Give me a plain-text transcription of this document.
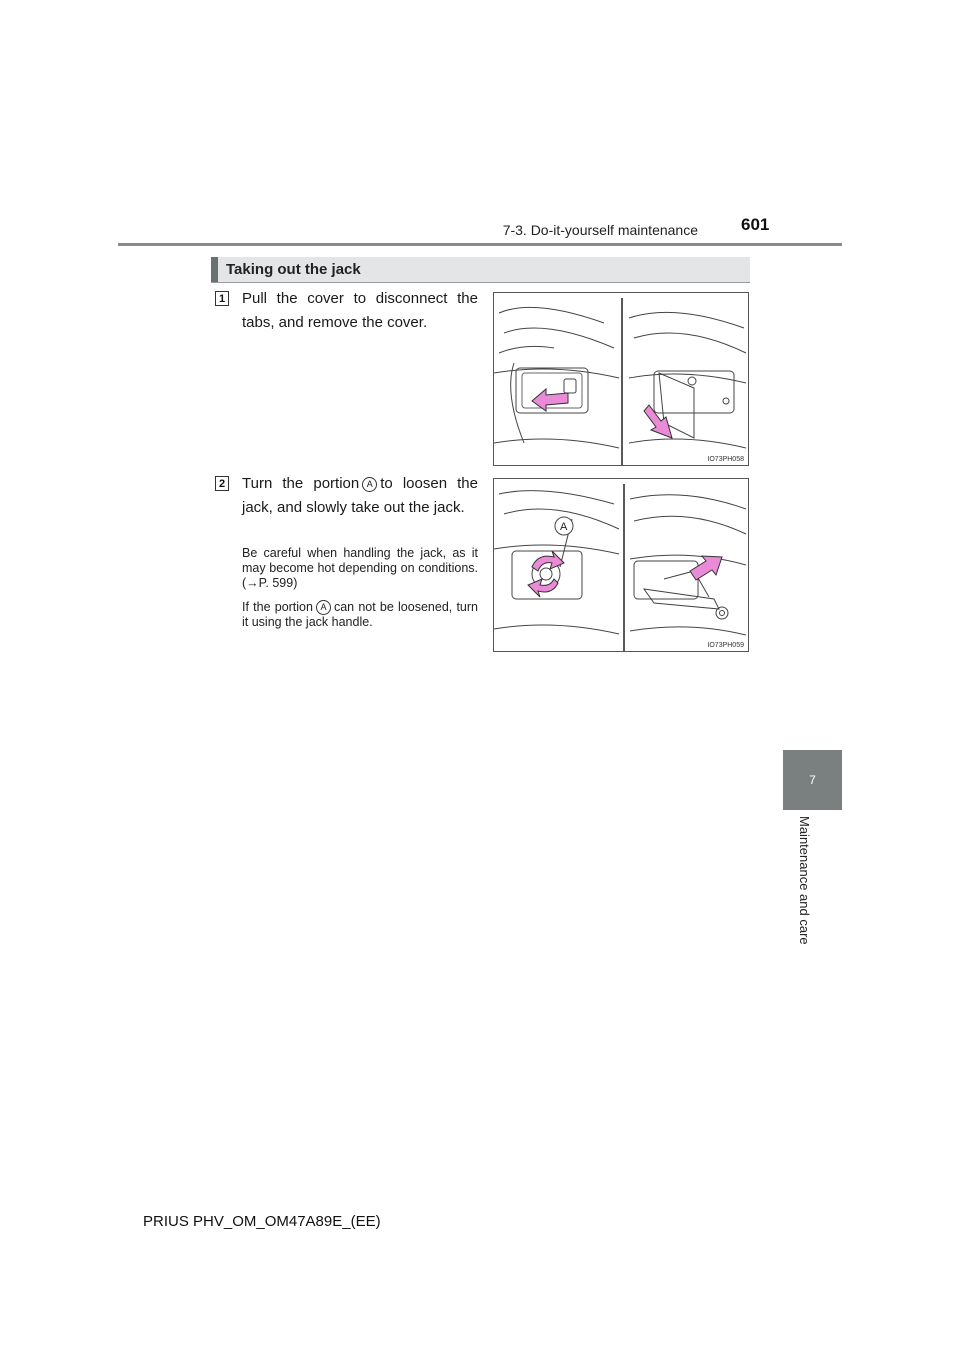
7-3. Do-it-yourself maintenance	601
7
Maintenance and care
Taking out the jack
1 Pull the cover to disconnect the tabs, and remove the cover.
IO73PH058
2 Turn the portion A to loosen the jack, and slowly take out the jack.
Be careful when handling the jack, as it may become hot depending on conditions. (→P. 599)
If the portion A can not be loosened, turn it using the jack handle.
A
IO73PH059
PRIUS PHV_OM_OM47A89E_(EE)
